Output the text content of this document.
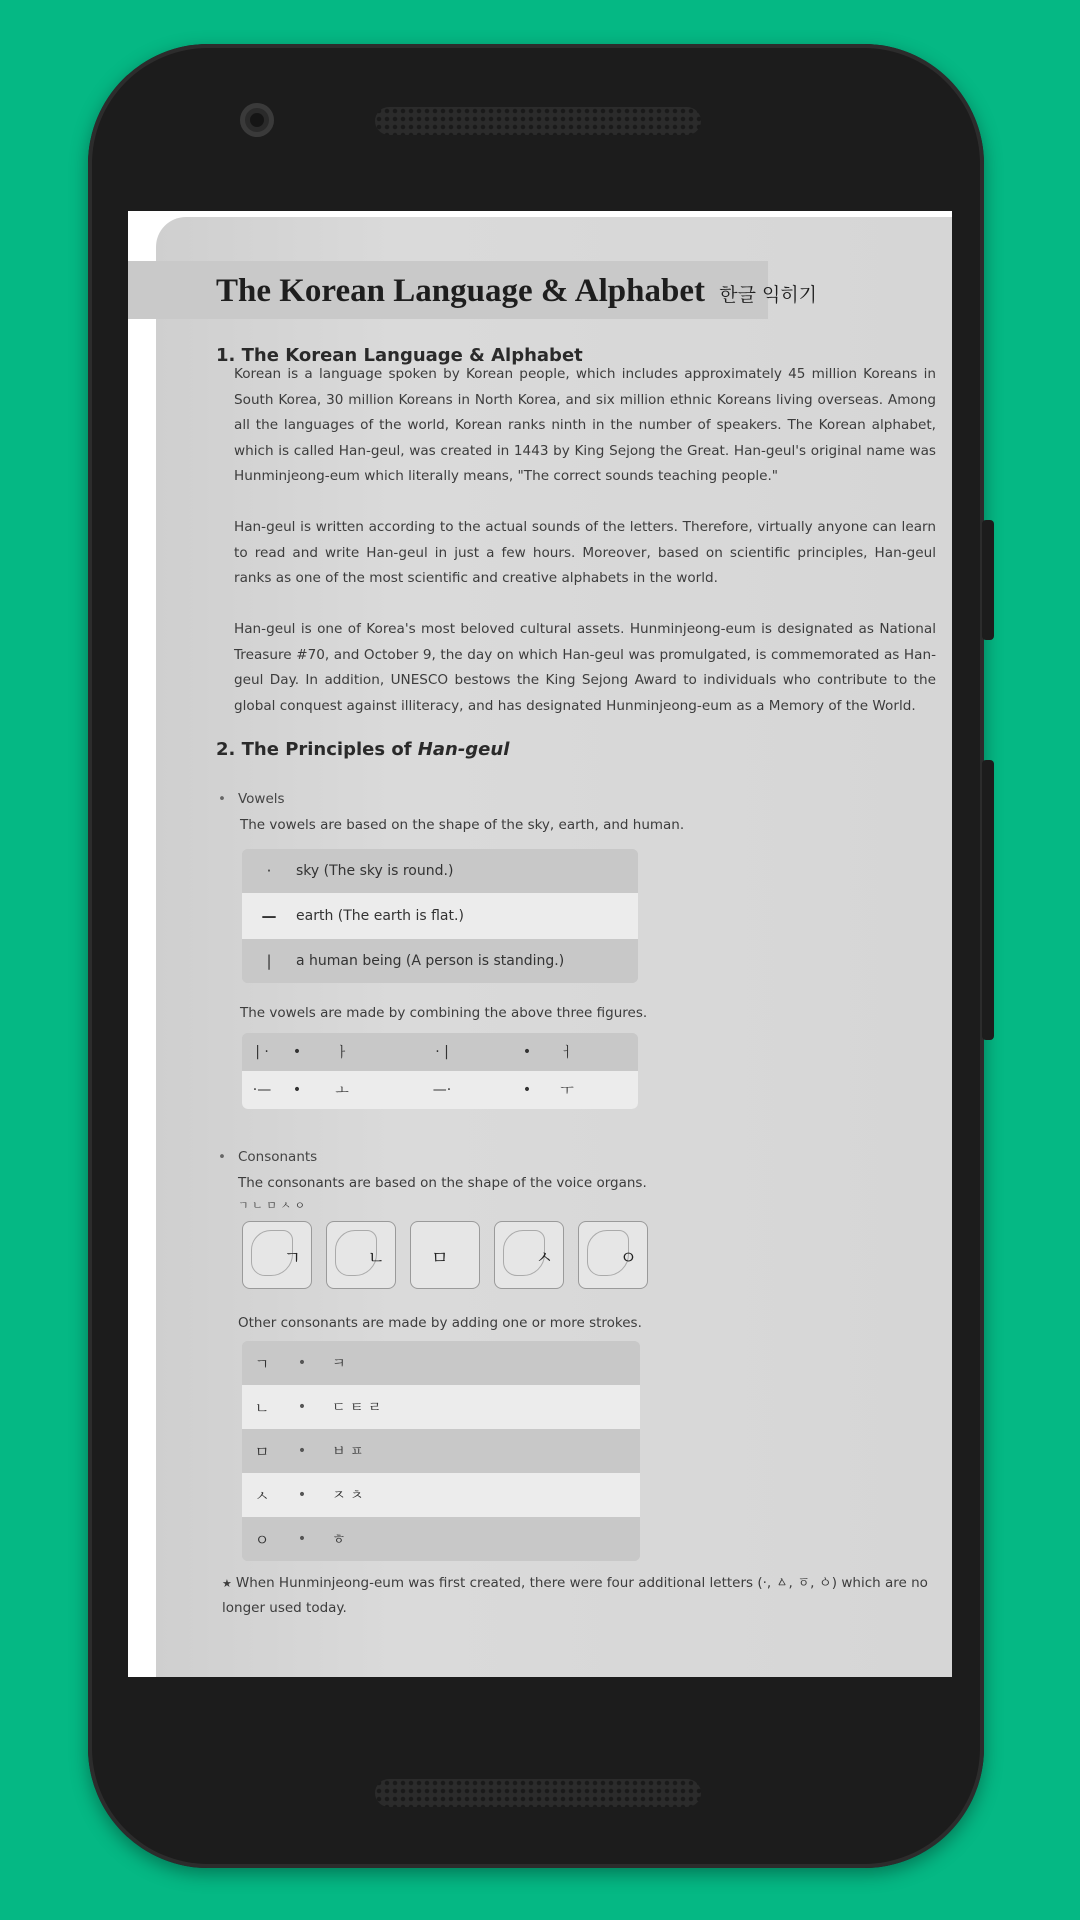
The Korean Language & Alphabet 한글 익히기
1. The Korean Language & Alphabet
Korean is a language spoken by Korean people, which includes approximately 45 million Koreans in South Korea, 30 million Koreans in North Korea, and six million ethnic Koreans living overseas. Among all the languages of the world, Korean ranks ninth in the number of speakers. The Korean alphabet, which is called Han-geul, was created in 1443 by King Sejong the Great. Han-geul's original name was Hunminjeong-eum which literally means, "The correct sounds teaching people."
Han-geul is written according to the actual sounds of the letters. Therefore, virtually anyone can learn to read and write Han-geul in just a few hours. Moreover, based on scientific principles, Han-geul ranks as one of the most scientific and creative alphabets in the world.
Han-geul is one of Korea's most beloved cultural assets. Hunminjeong-eum is designated as National Treasure #70, and October 9, the day on which Han-geul was promulgated, is commemorated as Han-geul Day. In addition, UNESCO bestows the King Sejong Award to individuals who contribute to the global conquest against illiteracy, and has designated Hunminjeong-eum as a Memory of the World.
2. The Principles of Han-geul
• Vowels
The vowels are based on the shape of the sky, earth, and human.
·	sky (The sky is round.)
—	earth (The earth is flat.)
|	a human being (A person is standing.)
The vowels are made by combining the above three figures.
| ·	•	ㅏ	· |	•	ㅓ
·—	•	ㅗ	—·	•	ㅜ
• Consonants
The consonants are based on the shape of the voice organs.
ㄱ ㄴ ㅁ ㅅ ㅇ
ㄱ	ㄴ	ㅁ	ㅅ	ㅇ
Other consonants are made by adding one or more strokes.
ㄱ	•	ㅋ
ㄴ	•	ㄷ ㅌ ㄹ
ㅁ	•	ㅂ ㅍ
ㅅ	•	ㅈ ㅊ
ㅇ	•	ㅎ
★ When Hunminjeong-eum was first created, there were four additional letters (·, ㅿ, ㆆ, ㆁ) which are no longer used today.
